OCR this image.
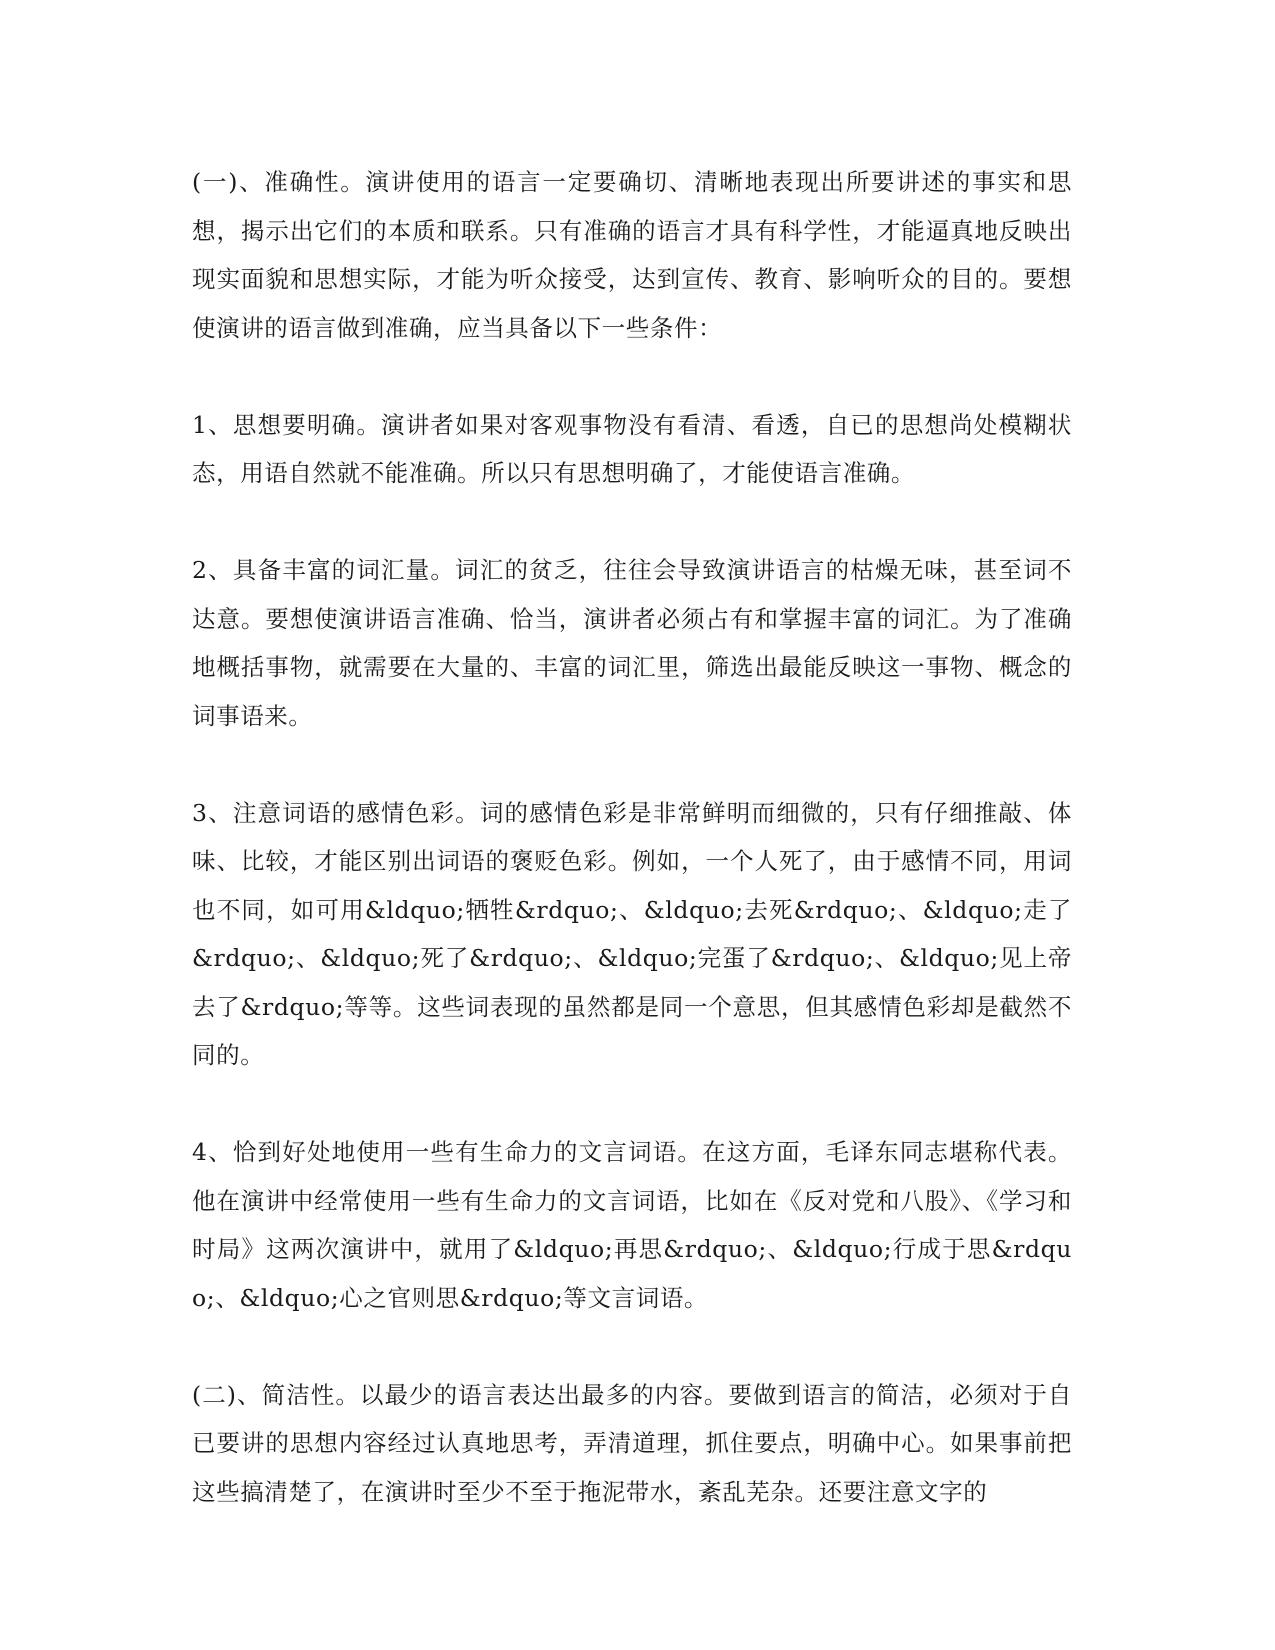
(一)、准确性。演讲使用的语言一定要确切、清晰地表现出所要讲述的事实和思想，揭示出它们的本质和联系。只有准确的语言才具有科学性，才能逼真地反映出现实面貌和思想实际，才能为听众接受，达到宣传、教育、影响听众的目的。要想使演讲的语言做到准确，应当具备以下一些条件：

1、思想要明确。演讲者如果对客观事物没有看清、看透，自已的思想尚处模糊状态，用语自然就不能准确。所以只有思想明确了，才能使语言准确。

2、具备丰富的词汇量。词汇的贫乏，往往会导致演讲语言的枯燥无味，甚至词不达意。要想使演讲语言准确、恰当，演讲者必须占有和掌握丰富的词汇。为了准确地概括事物，就需要在大量的、丰富的词汇里，筛选出最能反映这一事物、概念的词事语来。

3、注意词语的感情色彩。词的感情色彩是非常鲜明而细微的，只有仔细推敲、体味、比较，才能区别出词语的褒贬色彩。例如，一个人死了，由于感情不同，用词也不同，如可用&ldquo;牺牲&rdquo;、&ldquo;去死&rdquo;、&ldquo;走了&rdquo;、&ldquo;死了&rdquo;、&ldquo;完蛋了&rdquo;、&ldquo;见上帝去了&rdquo;等等。这些词表现的虽然都是同一个意思，但其感情色彩却是截然不同的。

4、恰到好处地使用一些有生命力的文言词语。在这方面，毛译东同志堪称代表。他在演讲中经常使用一些有生命力的文言词语，比如在《反对党和八股》、《学习和时局》这两次演讲中，就用了&ldquo;再思&rdquo;、&ldquo;行成于思&rdquo;、&ldquo;心之官则思&rdquo;等文言词语。

(二)、简洁性。以最少的语言表达出最多的内容。要做到语言的简洁，必须对于自已要讲的思想内容经过认真地思考，弄清道理，抓住要点，明确中心。如果事前把这些搞清楚了，在演讲时至少不至于拖泥带水，紊乱芜杂。还要注意文字的
